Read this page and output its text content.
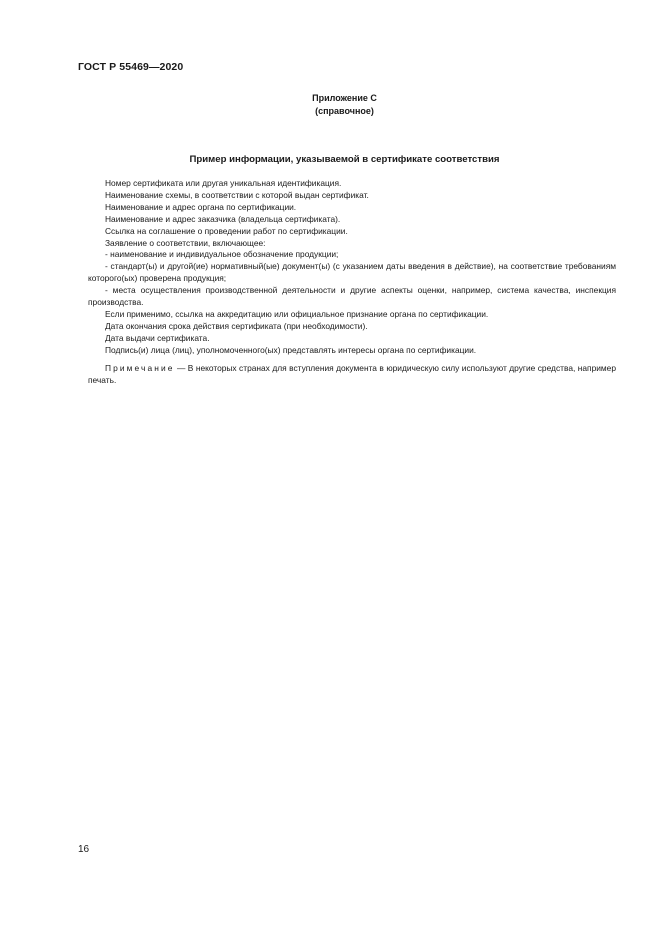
ГОСТ Р 55469—2020
Приложение С
(справочное)
Пример информации, указываемой в сертификате соответствия

Номер сертификата или другая уникальная идентификация.

Наименование схемы, в соответствии с которой выдан сертификат.

Наименование и адрес органа по сертификации.

Наименование и адрес заказчика (владельца сертификата).

Ссылка на соглашение о проведении работ по сертификации.

Заявление о соответствии, включающее:

- наименование и индивидуальное обозначение продукции;

- стандарт(ы) и другой(ие) нормативный(ые) документ(ы) (с указанием даты введения в действие), на соответствие требованиям которого(ых) проверена продукция;

- места осуществления производственной деятельности и другие аспекты оценки, например, система качества, инспекция производства.

Если применимо, ссылка на аккредитацию или официальное признание органа по сертификации.

Дата окончания срока действия сертификата (при необходимости).

Дата выдачи сертификата.

Подпись(и) лица (лиц), уполномоченного(ых) представлять интересы органа по сертификации.

Примечание — В некоторых странах для вступления документа в юридическую силу используют другие средства, например печать.

16
